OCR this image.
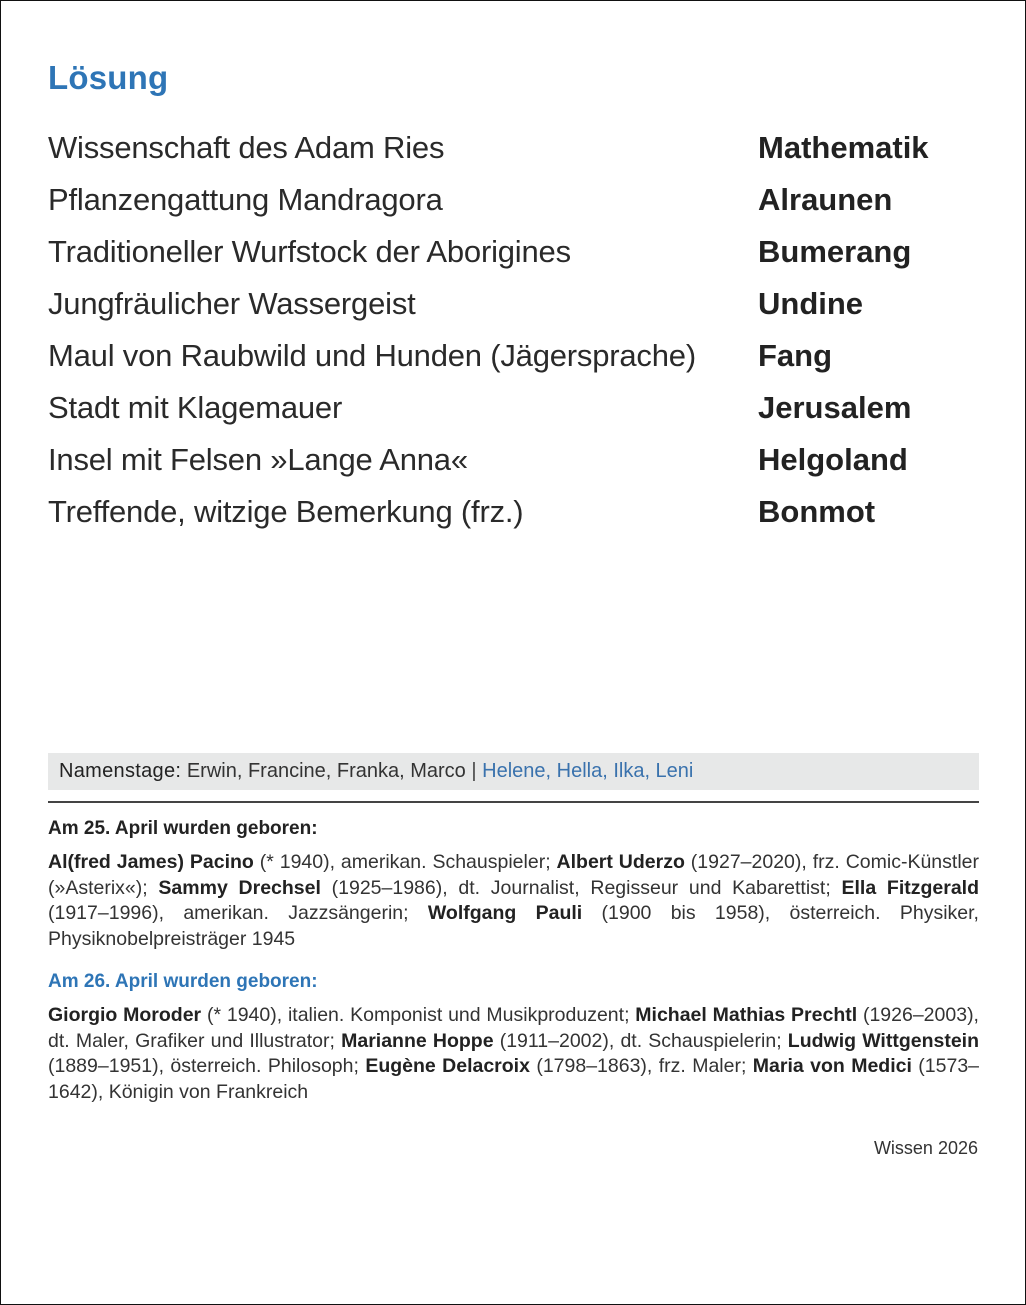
Lösung
Wissenschaft des Adam Ries	Mathematik
Pflanzengattung Mandragora	Alraunen
Traditioneller Wurfstock der Aborigines	Bumerang
Jungfräulicher Wassergeist	Undine
Maul von Raubwild und Hunden (Jägersprache)	Fang
Stadt mit Klagemauer	Jerusalem
Insel mit Felsen »Lange Anna«	Helgoland
Treffende, witzige Bemerkung (frz.)	Bonmot
Namenstage: Erwin, Francine, Franka, Marco | Helene, Hella, Ilka, Leni
Am 25. April wurden geboren:

Al(fred James) Pacino (* 1940), amerikan. Schauspieler; Albert Uderzo (1927–2020), frz. Comic-Künstler (»Asterix«); Sammy Drechsel (1925–1986), dt. Journalist, Regisseur und Kabarettist; Ella Fitzgerald (1917–1996), amerikan. Jazzsängerin; Wolfgang Pauli (1900 bis 1958), österreich. Physiker, Physiknobelpreisträger 1945

Am 26. April wurden geboren:

Giorgio Moroder (* 1940), italien. Komponist und Musikproduzent; Michael Mathias Prechtl (1926–2003), dt. Maler, Grafiker und Illustrator; Marianne Hoppe (1911–2002), dt. Schauspielerin; Ludwig Wittgenstein (1889–1951), österreich. Philosoph; Eugène Delacroix (1798–1863), frz. Maler; Maria von Medici (1573–1642), Königin von Frankreich

Wissen 2026
